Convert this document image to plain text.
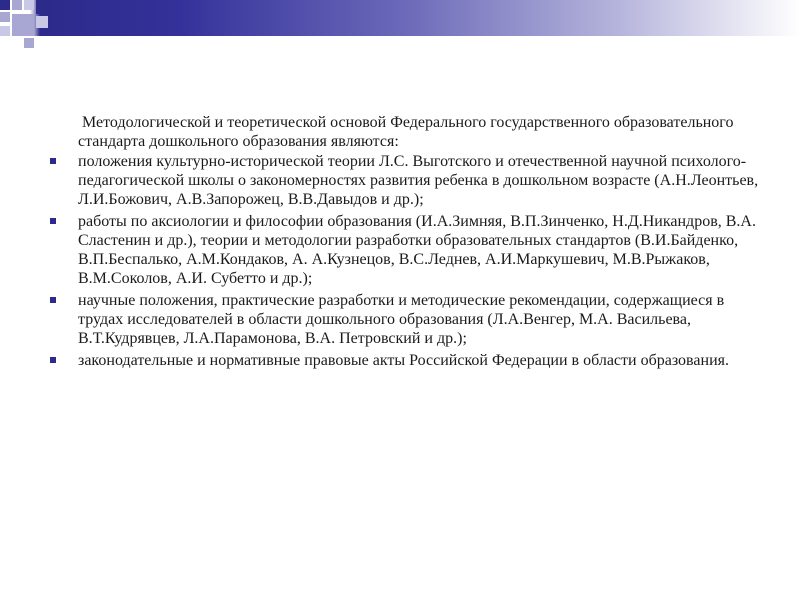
Методологической и теоретической основой Федерального государственного образовательного стандарта дошкольного образования являются:

положения культурно-исторической теории Л.С. Выготского и отечественной научной психолого-педагогической школы о закономерностях развития ребенка в дошкольном возрасте (А.Н.Леонтьев, Л.И.Божович, А.В.Запорожец, В.В.Давыдов и др.);
работы по аксиологии и философии образования (И.А.Зимняя, В.П.Зинченко, Н.Д.Никандров, В.А. Сластенин и др.), теории и методологии разработки образовательных стандартов (В.И.Байденко, В.П.Беспалько, А.М.Кондаков, А. А.Кузнецов, В.С.Леднев, А.И.Маркушевич, М.В.Рыжаков, В.М.Соколов, А.И. Субетто и др.);
научные положения, практические разработки и методические рекомендации, содержащиеся в трудах исследователей в области дошкольного образования (Л.А.Венгер, М.А. Васильева, В.Т.Кудрявцев, Л.А.Парамонова, В.А. Петровский и др.);
законодательные и нормативные правовые акты Российской Федерации в области образования.
